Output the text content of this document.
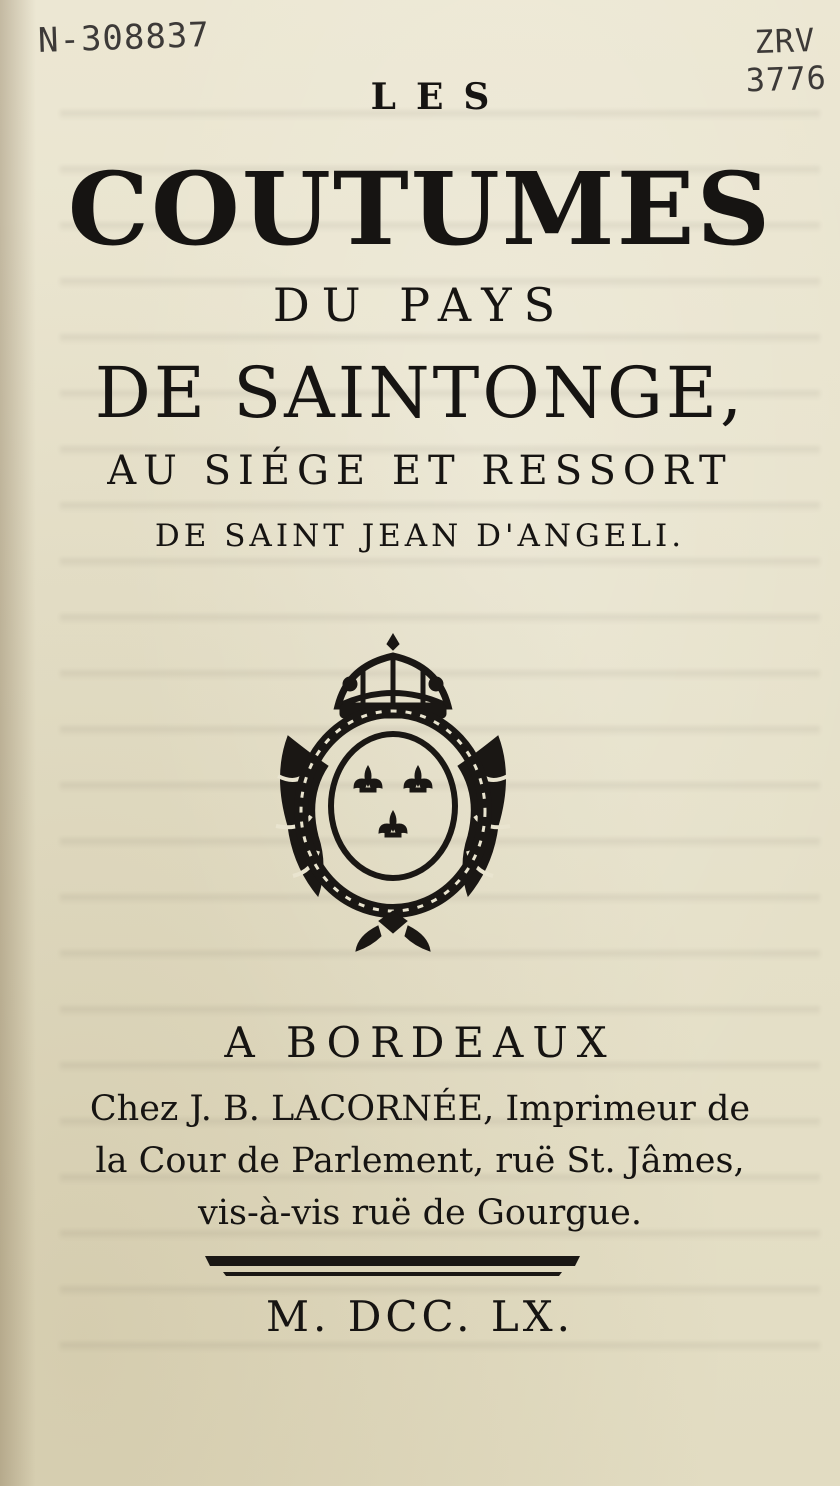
N-308837	ZRV
3776
LES
COUTUMES
DU PAYS
DE SAINTONGE,
AU SIÉGE ET RESSORT
DE SAINT JEAN D'ANGELI.
A BORDEAUX
Chez J. B. LACORNÉE, Imprimeur de
la Cour de Parlement, ruë St. Jâmes,
vis-à-vis ruë de Gourgue.
M. DCC. LX.
